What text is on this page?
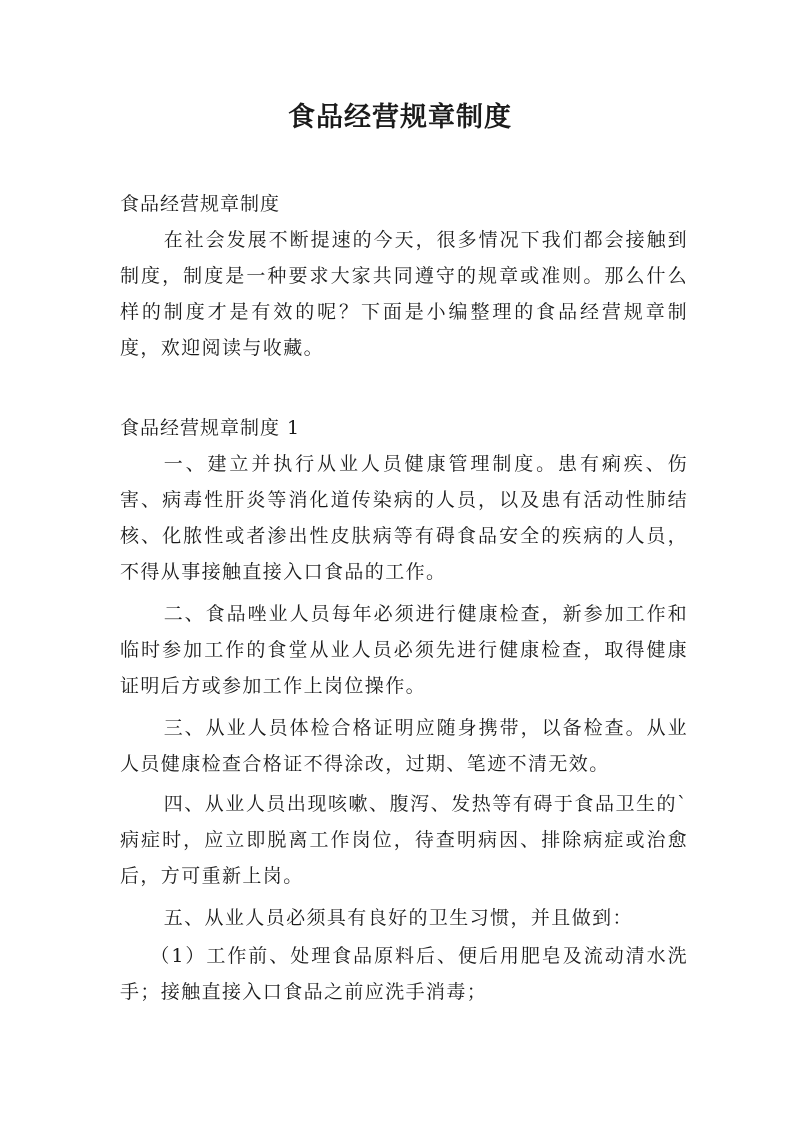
食品经营规章制度

食品经营规章制度

在社会发展不断提速的今天，很多情况下我们都会接触到制度，制度是一种要求大家共同遵守的规章或准则。那么什么样的制度才是有效的呢？下面是小编整理的食品经营规章制度，欢迎阅读与收藏。

食品经营规章制度 1

一、建立并执行从业人员健康管理制度。患有痢疾、伤害、病毒性肝炎等消化道传染病的人员，以及患有活动性肺结核、化脓性或者渗出性皮肤病等有碍食品安全的疾病的人员，不得从事接触直接入口食品的工作。

二、食品唑业人员每年必须进行健康检查，新参加工作和临时参加工作的食堂从业人员必须先进行健康检查，取得健康证明后方或参加工作上岗位操作。

三、从业人员体检合格证明应随身携带，以备检查。从业人员健康检查合格证不得涂改，过期、笔迹不清无效。

四、从业人员出现咳嗽、腹泻、发热等有碍于食品卫生的`病症时，应立即脱离工作岗位，待查明病因、排除病症或治愈后，方可重新上岗。

五、从业人员必须具有良好的卫生习惯，并且做到：

（1）工作前、处理食品原料后、便后用肥皂及流动清水洗手；接触直接入口食品之前应洗手消毒；
